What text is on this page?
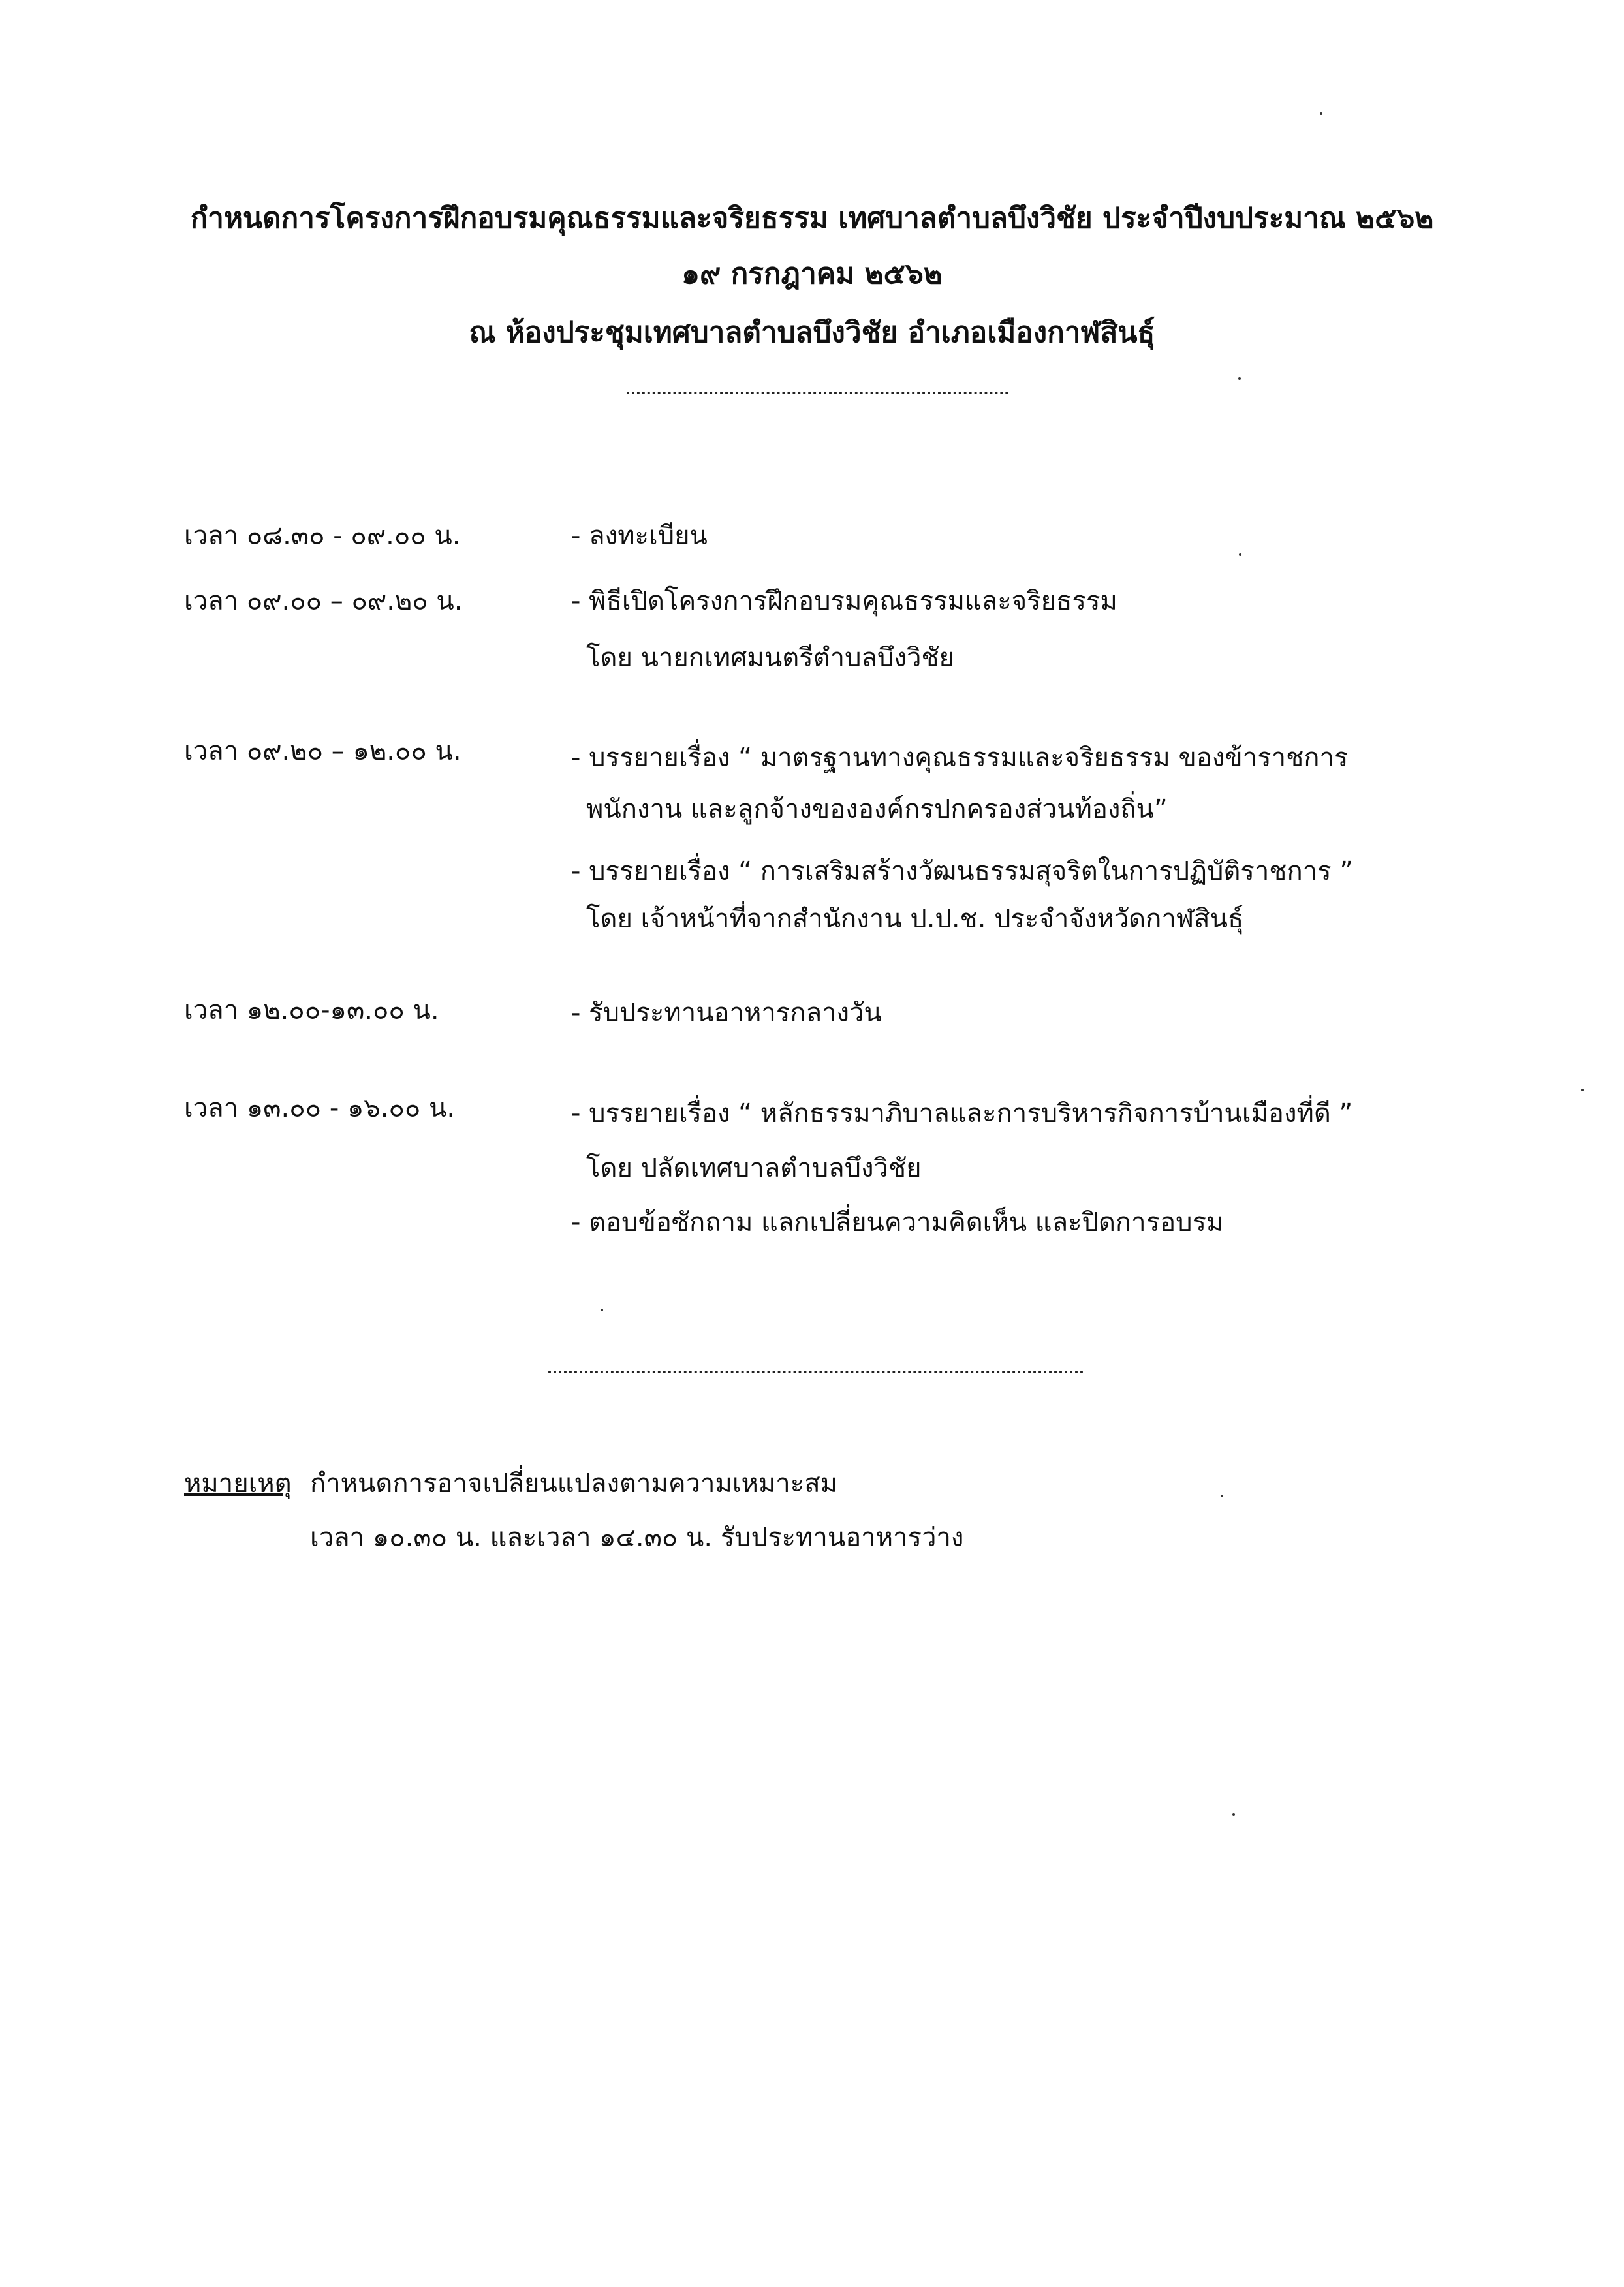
กำหนดการโครงการฝึกอบรมคุณธรรมและจริยธรรม เทศบาลตำบลบึงวิชัย ประจำปีงบประมาณ ๒๕๖๒
๑๙ กรกฎาคม ๒๕๖๒
ณ ห้องประชุมเทศบาลตำบลบึงวิชัย อำเภอเมืองกาฬสินธุ์
เวลา ๐๘.๓๐ - ๐๙.๐๐ น.	- ลงทะเบียน
เวลา ๐๙.๐๐ – ๐๙.๒๐ น.	- พิธีเปิดโครงการฝึกอบรมคุณธรรมและจริยธรรม
โดย นายกเทศมนตรีตำบลบึงวิชัย
เวลา ๐๙.๒๐ – ๑๒.๐๐ น.	- บรรยายเรื่อง “ มาตรฐานทางคุณธรรมและจริยธรรม ของข้าราชการ
พนักงาน และลูกจ้างขององค์กรปกครองส่วนท้องถิ่น”
- บรรยายเรื่อง “ การเสริมสร้างวัฒนธรรมสุจริตในการปฏิบัติราชการ ”
โดย เจ้าหน้าที่จากสำนักงาน ป.ป.ช. ประจำจังหวัดกาฬสินธุ์
เวลา ๑๒.๐๐-๑๓.๐๐ น.	- รับประทานอาหารกลางวัน
เวลา ๑๓.๐๐ - ๑๖.๐๐ น.	- บรรยายเรื่อง “ หลักธรรมาภิบาลและการบริหารกิจการบ้านเมืองที่ดี ”
โดย ปลัดเทศบาลตำบลบึงวิชัย
- ตอบข้อซักถาม แลกเปลี่ยนความคิดเห็น และปิดการอบรม
หมายเหตุ กำหนดการอาจเปลี่ยนแปลงตามความเหมาะสม
เวลา ๑๐.๓๐ น. และเวลา ๑๔.๓๐ น. รับประทานอาหารว่าง
